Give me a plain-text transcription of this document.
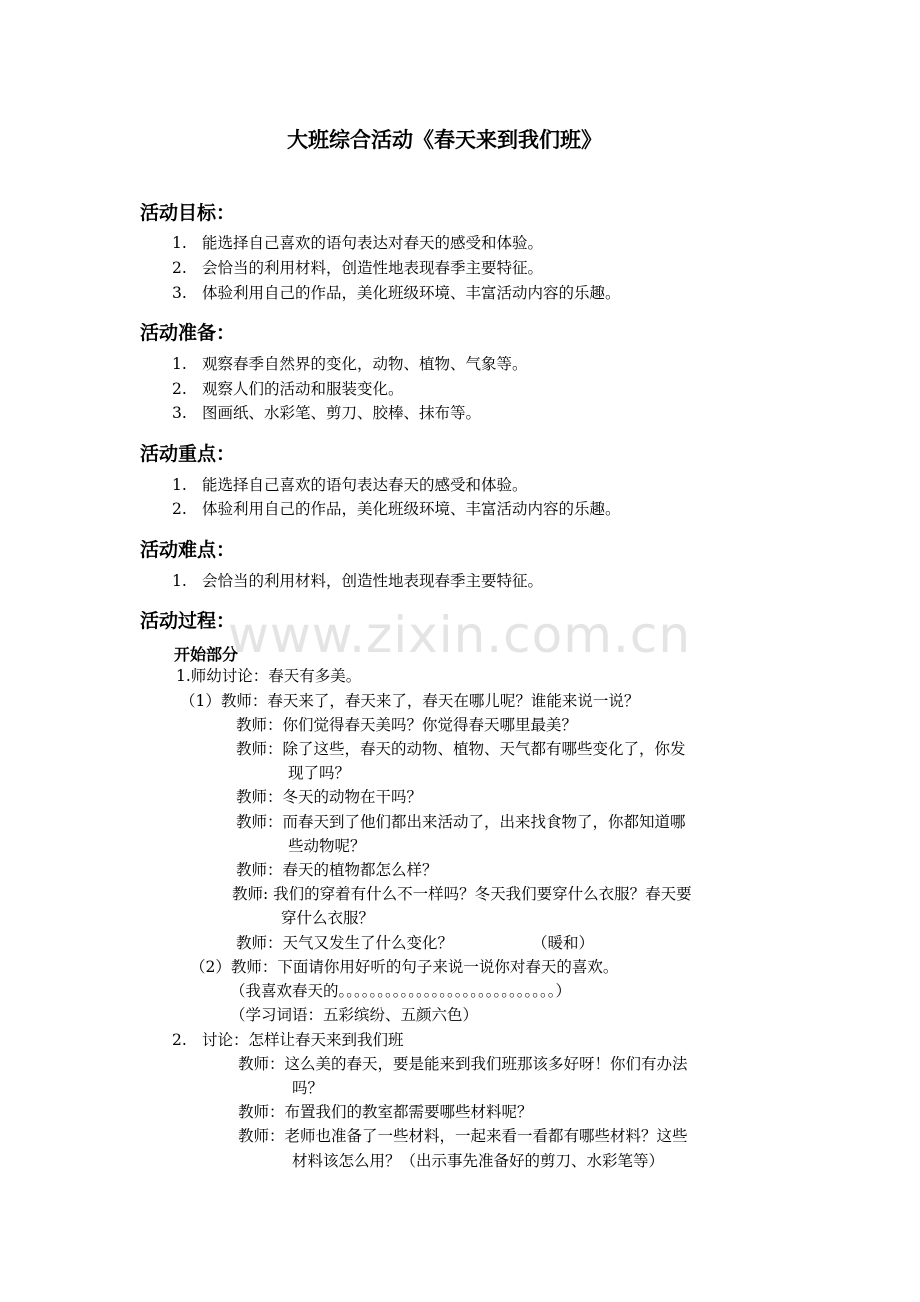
www.zixin.com.cn
大班综合活动《春天来到我们班》
活动目标：
1. 能选择自己喜欢的语句表达对春天的感受和体验。
2. 会恰当的利用材料，创造性地表现春季主要特征。
3. 体验利用自己的作品，美化班级环境、丰富活动内容的乐趣。
活动准备：
1. 观察春季自然界的变化，动物、植物、气象等。
2. 观察人们的活动和服装变化。
3. 图画纸、水彩笔、剪刀、胶棒、抹布等。
活动重点：
1. 能选择自己喜欢的语句表达春天的感受和体验。
2. 体验利用自己的作品，美化班级环境、丰富活动内容的乐趣。
活动难点：
1. 会恰当的利用材料，创造性地表现春季主要特征。
活动过程：
开始部分
1.师幼讨论：春天有多美。
（1）教师：春天来了，春天来了，春天在哪儿呢？谁能来说一说？
教师：你们觉得春天美吗？你觉得春天哪里最美？
教师：除了这些，春天的动物、植物、天气都有哪些变化了，你发
现了吗？
教师：冬天的动物在干吗？
教师：而春天到了他们都出来活动了，出来找食物了，你都知道哪
些动物呢？
教师：春天的植物都怎么样？
教师: 我们的穿着有什么不一样吗？冬天我们要穿什么衣服？春天要
穿什么衣服？
教师：天气又发生了什么变化？	（暖和）
（2）教师：下面请你用好听的句子来说一说你对春天的喜欢。
（我喜欢春天的。。。。。。。。。。。。。。。。。。。。。。。。。。。。）
（学习词语：五彩缤纷、五颜六色）
2. 讨论：怎样让春天来到我们班
教师：这么美的春天，要是能来到我们班那该多好呀！你们有办法
吗？
教师：布置我们的教室都需要哪些材料呢？
教师：老师也准备了一些材料，一起来看一看都有哪些材料？这些
材料该怎么用？（出示事先准备好的剪刀、水彩笔等）
